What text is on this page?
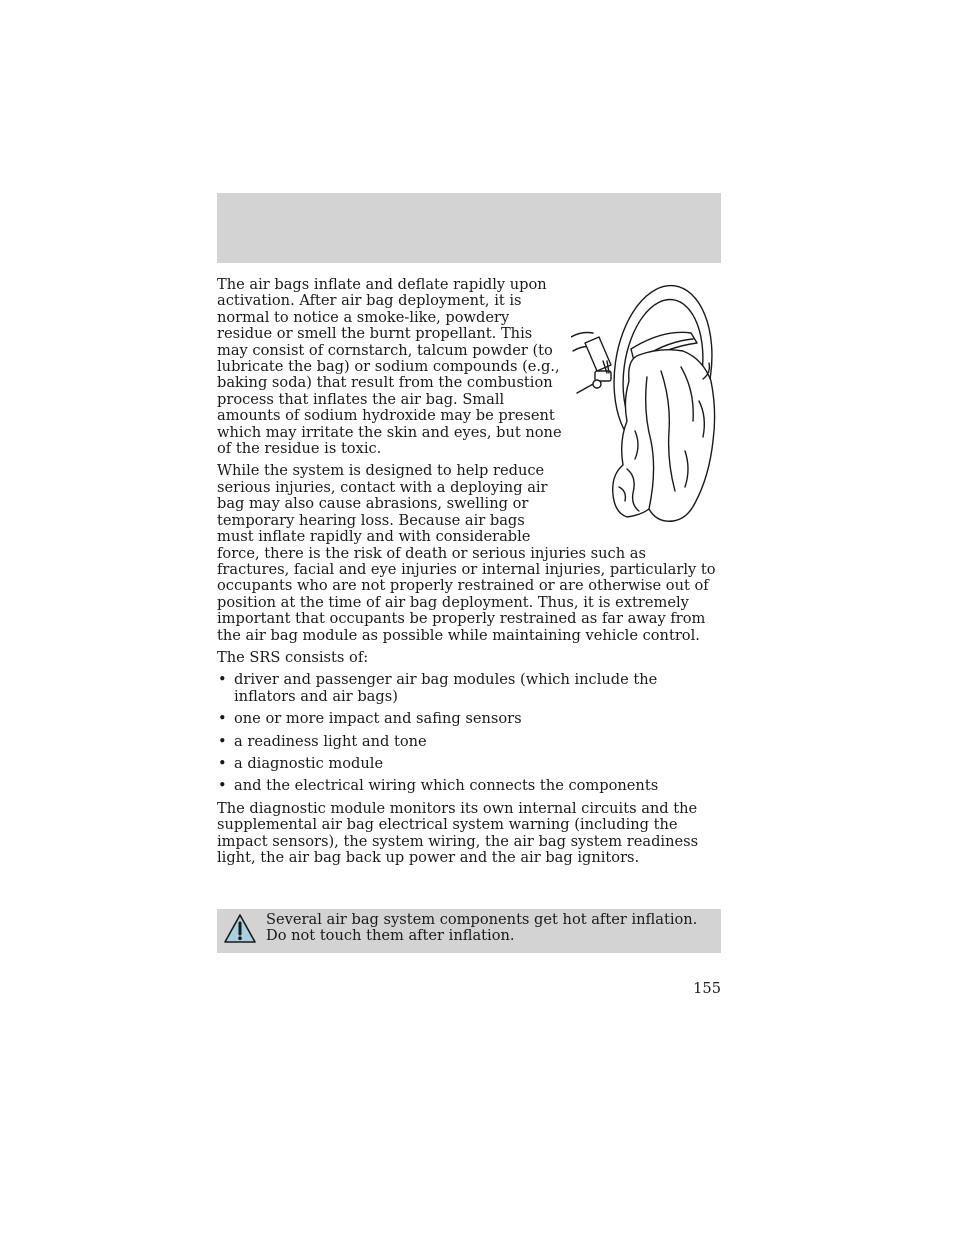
The air bags inflate and deflate rapidly upon activation. After air bag deployment, it is normal to notice a smoke-like, powdery residue or smell the burnt propellant. This may consist of cornstarch, talcum powder (to lubricate the bag) or sodium compounds (e.g., baking soda) that result from the combustion process that inflates the air bag. Small amounts of sodium hydroxide may be present which may irritate the skin and eyes, but none of the residue is toxic.

While the system is designed to help reduce serious injuries, contact with a deploying air bag may also cause abrasions, swelling or temporary hearing loss. Because air bags must inflate rapidly and with considerable force, there is the risk of death or serious injuries such as fractures, facial and eye injuries or internal injuries, particularly to occupants who are not properly restrained or are otherwise out of position at the time of air bag deployment. Thus, it is extremely important that occupants be properly restrained as far away from the air bag module as possible while maintaining vehicle control.

The SRS consists of:

• driver and passenger air bag modules (which include the inflators and air bags)
• one or more impact and safing sensors
• a readiness light and tone
• a diagnostic module
• and the electrical wiring which connects the components

The diagnostic module monitors its own internal circuits and the supplemental air bag electrical system warning (including the impact sensors), the system wiring, the air bag system readiness light, the air bag back up power and the air bag ignitors.

Several air bag system components get hot after inflation. Do not touch them after inflation.
155
